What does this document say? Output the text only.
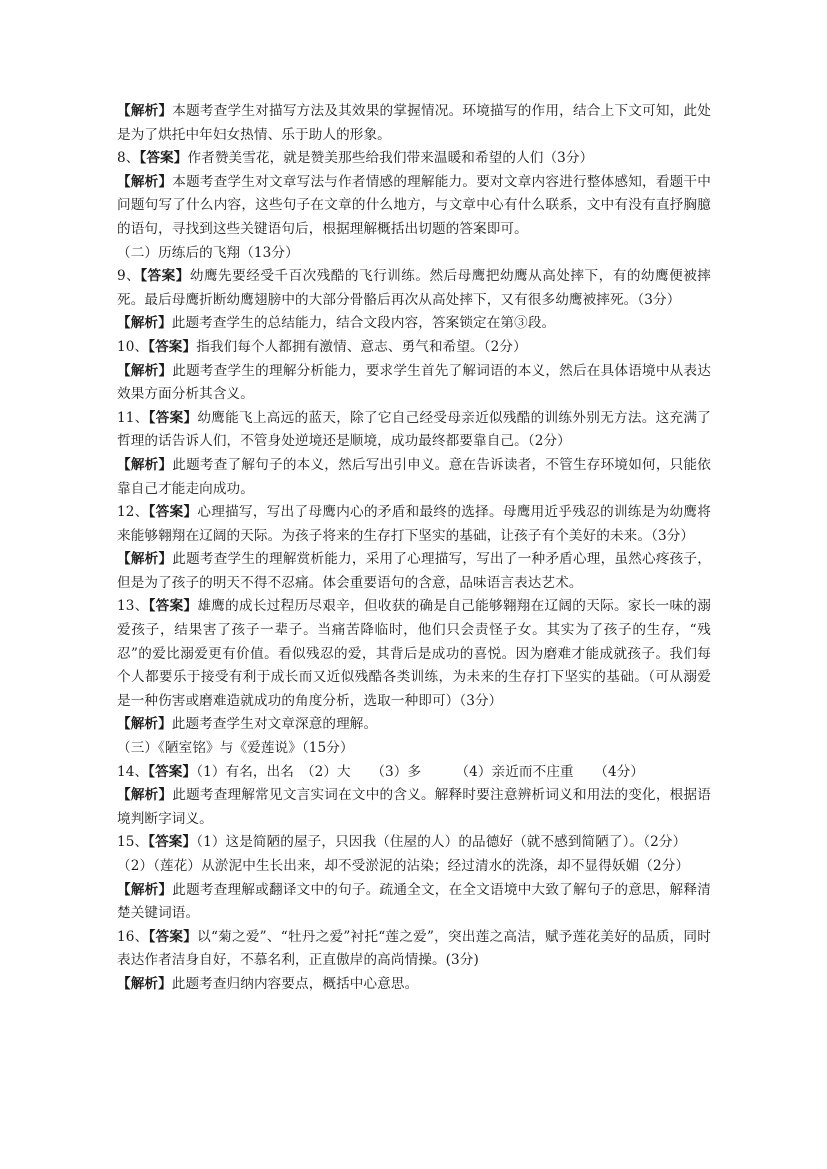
【解析】本题考查学生对描写方法及其效果的掌握情况。环境描写的作用，结合上下文可知，此处是为了烘托中年妇女热情、乐于助人的形象。

8、【答案】作者赞美雪花，就是赞美那些给我们带来温暖和希望的人们（3分）

【解析】本题考查学生对文章写法与作者情感的理解能力。要对文章内容进行整体感知，看题干中问题句写了什么内容，这些句子在文章的什么地方，与文章中心有什么联系，文中有没有直抒胸臆的语句，寻找到这些关键语句后，根据理解概括出切题的答案即可。

（二）历练后的飞翔（13分）

9、【答案】幼鹰先要经受千百次残酷的飞行训练。然后母鹰把幼鹰从高处摔下，有的幼鹰便被摔死。最后母鹰折断幼鹰翅膀中的大部分骨骼后再次从高处摔下，又有很多幼鹰被摔死。（3分）

【解析】此题考查学生的总结能力，结合文段内容，答案锁定在第③段。

10、【答案】指我们每个人都拥有激情、意志、勇气和希望。（2分）

【解析】此题考查学生的理解分析能力，要求学生首先了解词语的本义，然后在具体语境中从表达效果方面分析其含义。

11、【答案】幼鹰能飞上高远的蓝天，除了它自己经受母亲近似残酷的训练外别无方法。这充满了哲理的话告诉人们，不管身处逆境还是顺境，成功最终都要靠自己。（2分）

【解析】此题考查了解句子的本义，然后写出引申义。意在告诉读者，不管生存环境如何，只能依靠自己才能走向成功。

12、【答案】心理描写，写出了母鹰内心的矛盾和最终的选择。母鹰用近乎残忍的训练是为幼鹰将来能够翱翔在辽阔的天际。为孩子将来的生存打下坚实的基础，让孩子有个美好的未来。（3分）

【解析】此题考查学生的理解赏析能力，采用了心理描写，写出了一种矛盾心理，虽然心疼孩子，但是为了孩子的明天不得不忍痛。体会重要语句的含意，品味语言表达艺术。

13、【答案】雄鹰的成长过程历尽艰辛，但收获的确是自己能够翱翔在辽阔的天际。家长一味的溺爱孩子，结果害了孩子一辈子。当痛苦降临时，他们只会责怪子女。其实为了孩子的生存，“残忍”的爱比溺爱更有价值。看似残忍的爱，其背后是成功的喜悦。因为磨难才能成就孩子。我们每个人都要乐于接受有利于成长而又近似残酷各类训练，为未来的生存打下坚实的基础。（可从溺爱是一种伤害或磨难造就成功的角度分析，选取一种即可）（3分）

【解析】此题考查学生对文章深意的理解。

（三）《陋室铭》与《爱莲说》（15分）

14、【答案】（1）有名，出名　（2）大　　（3）多　　　（4）亲近而不庄重　　（4分）

【解析】此题考查理解常见文言实词在文中的含义。解释时要注意辨析词义和用法的变化，根据语境判断字词义。

15、【答案】（1）这是简陋的屋子，只因我（住屋的人）的品德好（就不感到简陋了）。（2分）

（2）（莲花）从淤泥中生长出来，却不受淤泥的沾染；经过清水的洗涤，却不显得妖媚（2分）

【解析】此题考查理解或翻译文中的句子。疏通全文，在全文语境中大致了解句子的意思，解释清楚关键词语。

16、【答案】以“菊之爱”、“牡丹之爱”衬托“莲之爱”，突出莲之高洁，赋予莲花美好的品质，同时表达作者洁身自好，不慕名利，正直傲岸的高尚情操。(3分)

【解析】此题考查归纳内容要点，概括中心意思。
